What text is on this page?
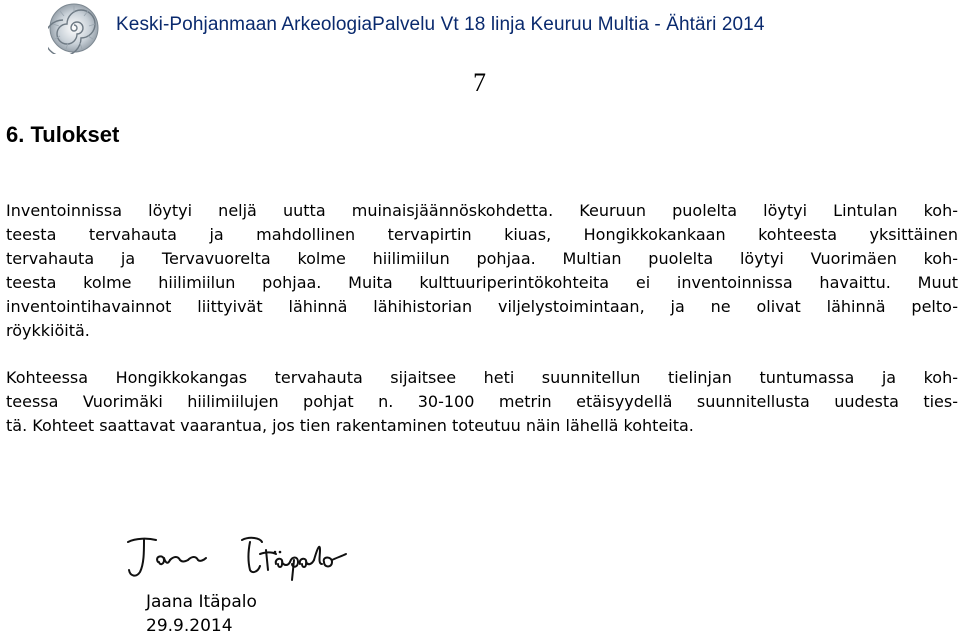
Keski-Pohjanmaan ArkeologiaPalvelu Vt 18 linja Keuruu Multia - Ähtäri 2014
7
6. Tulokset
Inventoinnissa löytyi neljä uutta muinaisjäännöskohdetta. Keuruun puolelta löytyi Lintulan koh-
teesta tervahauta ja mahdollinen tervapirtin kiuas, Hongikkokankaan kohteesta yksittäinen
tervahauta ja Tervavuorelta kolme hiilimiilun pohjaa. Multian puolelta löytyi Vuorimäen koh-
teesta kolme hiilimiilun pohjaa. Muita kulttuuriperintökohteita ei inventoinnissa havaittu. Muut
inventointihavainnot liittyivät lähinnä lähihistorian viljelystoimintaan, ja ne olivat lähinnä pelto-
röykkiöitä.
Kohteessa Hongikkokangas tervahauta sijaitsee heti suunnitellun tielinjan tuntumassa ja koh-
teessa Vuorimäki hiilimiilujen pohjat n. 30-100 metrin etäisyydellä suunnitellusta uudesta ties-
tä. Kohteet saattavat vaarantua, jos tien rakentaminen toteutuu näin lähellä kohteita.
Jaana Itäpalo
29.9.2014
